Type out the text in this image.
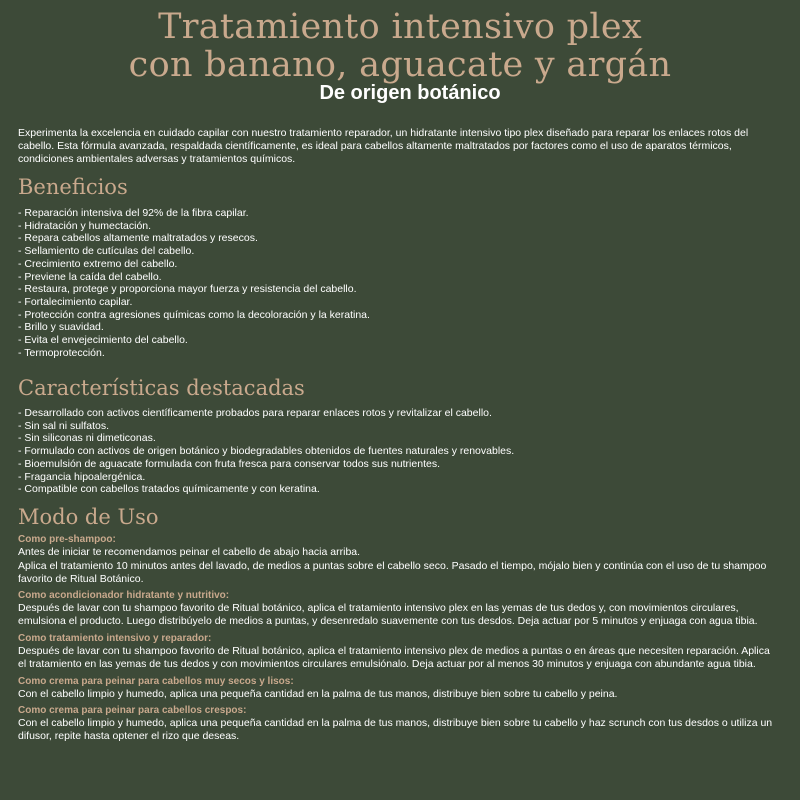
Tratamiento intensivo plex
con banano, aguacate y argán
De origen botánico
Experimenta la excelencia en cuidado capilar con nuestro tratamiento reparador, un hidratante intensivo tipo plex diseñado para reparar los enlaces rotos del cabello. Esta fórmula avanzada, respaldada científicamente, es ideal para cabellos altamente maltratados por factores como el uso de aparatos térmicos, condiciones ambientales adversas y tratamientos químicos.
Beneficios
- Reparación intensiva del 92% de la fibra capilar.
- Hidratación y humectación.
- Repara cabellos altamente maltratados y resecos.
- Sellamiento de cutículas del cabello.
- Crecimiento extremo del cabello.
- Previene la caída del cabello.
- Restaura, protege y proporciona mayor fuerza y resistencia del cabello.
- Fortalecimiento capilar.
- Protección contra agresiones químicas como la decoloración y la keratina.
- Brillo y suavidad.
- Evita el envejecimiento del cabello.
- Termoprotección.
Características destacadas
- Desarrollado con activos científicamente probados para reparar enlaces rotos y revitalizar el cabello.
- Sin sal ni sulfatos.
- Sin siliconas ni dimeticonas.
- Formulado con activos de origen botánico y biodegradables obtenidos de fuentes naturales y renovables.
- Bioemulsión de aguacate formulada con fruta fresca para conservar todos sus nutrientes.
- Fragancia hipoalergénica.
- Compatible con cabellos tratados químicamente y con keratina.
Modo de Uso
Como pre-shampoo:

Antes de iniciar te recomendamos peinar el cabello de abajo hacia arriba.

Aplica el tratamiento 10 minutos antes del lavado, de medios a puntas sobre el cabello seco. Pasado el tiempo, mójalo bien y continúa con el uso de tu shampoo favorito de Ritual Botánico.

Como acondicionador hidratante y nutritivo:

Después de lavar con tu shampoo favorito de Ritual botánico, aplica el tratamiento intensivo plex en las yemas de tus dedos y, con movimientos circulares, emulsiona el producto. Luego distribúyelo de medios a puntas, y desenredalo suavemente con tus desdos. Deja actuar por 5 minutos y enjuaga con agua tibia.

Como tratamiento intensivo y reparador:

Después de lavar con tu shampoo favorito de Ritual botánico, aplica el tratamiento intensivo plex de medios a puntas o en áreas que necesiten reparación. Aplica el tratamiento en las yemas de tus dedos y con movimientos circulares emulsiónalo. Deja actuar por al menos 30 minutos y enjuaga con abundante agua tibia.

Como crema para peinar para cabellos muy secos y lisos:

Con el cabello limpio y humedo, aplica una pequeña cantidad en la palma de tus manos, distribuye bien sobre tu cabello y peina.

Como crema para peinar para cabellos crespos:

Con el cabello limpio y humedo, aplica una pequeña cantidad en la palma de tus manos, distribuye bien sobre tu cabello y haz scrunch con tus desdos o utiliza un difusor, repite hasta optener el rizo que deseas.
